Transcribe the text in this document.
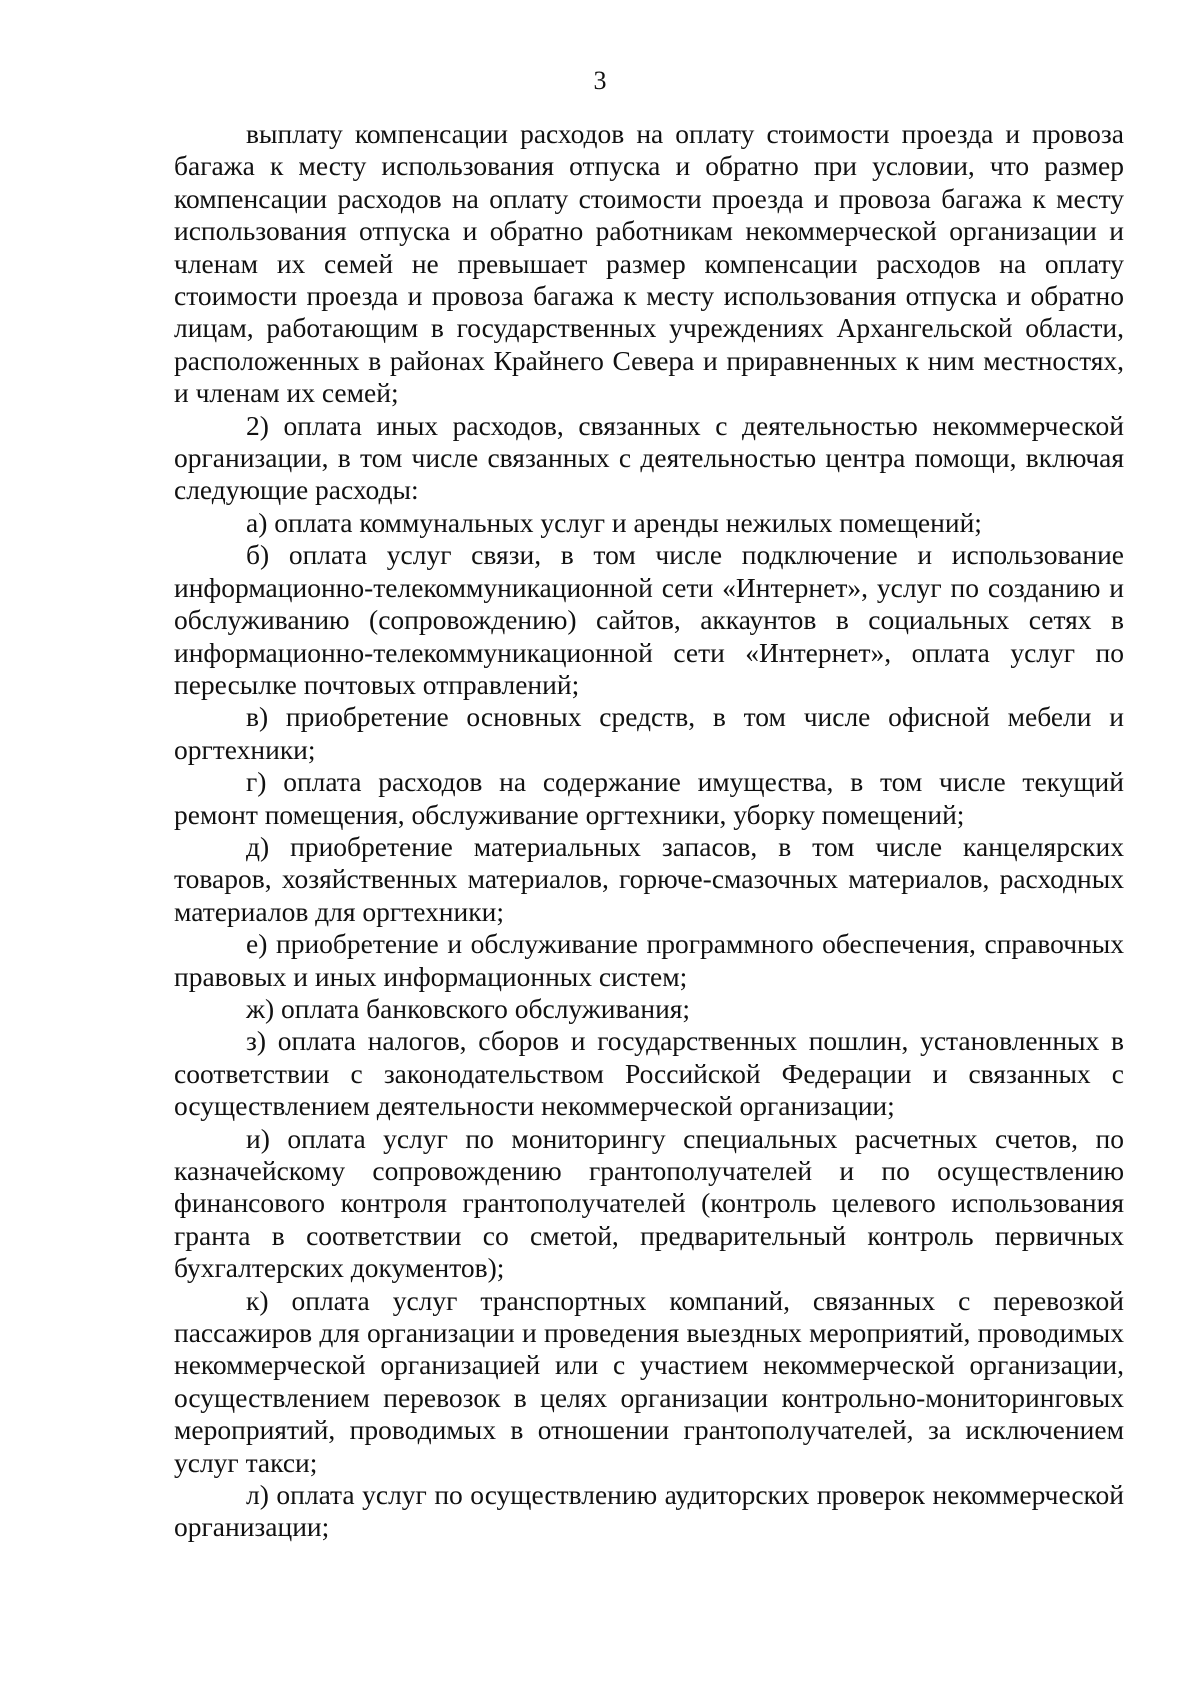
3

выплату компенсации расходов на оплату стоимости проезда и провоза багажа к месту использования отпуска и обратно при условии, что размер компенсации расходов на оплату стоимости проезда и провоза багажа к месту использования отпуска и обратно работникам некоммерческой организации и членам их семей не превышает размер компенсации расходов на оплату стоимости проезда и провоза багажа к месту использования отпуска и обратно лицам, работающим в государственных учреждениях Архангельской области, расположенных в районах Крайнего Севера и приравненных к ним местностях, и членам их семей;

2) оплата иных расходов, связанных с деятельностью некоммерческой организации, в том числе связанных с деятельностью центра помощи, включая следующие расходы:

а) оплата коммунальных услуг и аренды нежилых помещений;

б) оплата услуг связи, в том числе подключение и использование информационно-телекоммуникационной сети «Интернет», услуг по созданию и обслуживанию (сопровождению) сайтов, аккаунтов в социальных сетях в информационно-телекоммуникационной сети «Интернет», оплата услуг по пересылке почтовых отправлений;

в) приобретение основных средств, в том числе офисной мебели и оргтехники;

г) оплата расходов на содержание имущества, в том числе текущий ремонт помещения, обслуживание оргтехники, уборку помещений;

д) приобретение материальных запасов, в том числе канцелярских товаров, хозяйственных материалов, горюче-смазочных материалов, расходных материалов для оргтехники;

е) приобретение и обслуживание программного обеспечения, справочных правовых и иных информационных систем;

ж) оплата банковского обслуживания;

з) оплата налогов, сборов и государственных пошлин, установленных в соответствии с законодательством Российской Федерации и связанных с осуществлением деятельности некоммерческой организации;

и) оплата услуг по мониторингу специальных расчетных счетов, по казначейскому сопровождению грантополучателей и по осуществлению финансового контроля грантополучателей (контроль целевого использования гранта в соответствии со сметой, предварительный контроль первичных бухгалтерских документов);

к) оплата услуг транспортных компаний, связанных с перевозкой пассажиров для организации и проведения выездных мероприятий, проводимых некоммерческой организацией или с участием некоммерческой организации, осуществлением перевозок в целях организации контрольно-мониторинговых мероприятий, проводимых в отношении грантополучателей, за исключением услуг такси;

л) оплата услуг по осуществлению аудиторских проверок некоммерческой организации;
